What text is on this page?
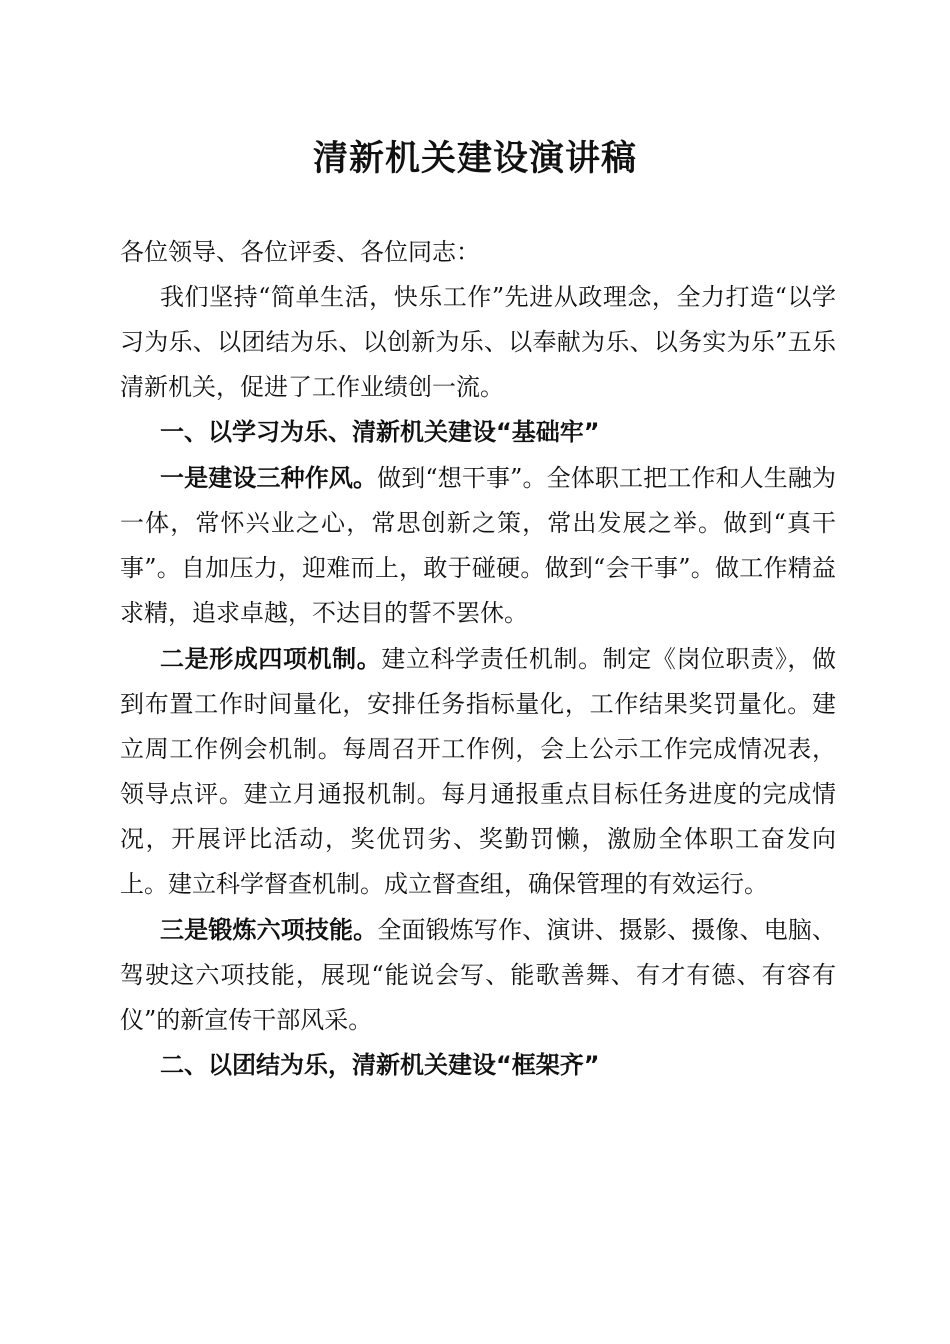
清新机关建设演讲稿

各位领导、各位评委、各位同志：

我们坚持“简单生活，快乐工作”先进从政理念，全力打造“以学习为乐、以团结为乐、以创新为乐、以奉献为乐、以务实为乐”五乐清新机关，促进了工作业绩创一流。

一、以学习为乐、清新机关建设“基础牢”

一是建设三种作风。做到“想干事”。全体职工把工作和人生融为一体，常怀兴业之心，常思创新之策，常出发展之举。做到“真干事”。自加压力，迎难而上，敢于碰硬。做到“会干事”。做工作精益求精，追求卓越，不达目的誓不罢休。

二是形成四项机制。建立科学责任机制。制定《岗位职责》，做到布置工作时间量化，安排任务指标量化，工作结果奖罚量化。建立周工作例会机制。每周召开工作例，会上公示工作完成情况表，领导点评。建立月通报机制。每月通报重点目标任务进度的完成情况，开展评比活动，奖优罚劣、奖勤罚懒，激励全体职工奋发向上。建立科学督查机制。成立督查组，确保管理的有效运行。

三是锻炼六项技能。全面锻炼写作、演讲、摄影、摄像、电脑、驾驶这六项技能，展现“能说会写、能歌善舞、有才有德、有容有仪”的新宣传干部风采。

二、以团结为乐，清新机关建设“框架齐”
